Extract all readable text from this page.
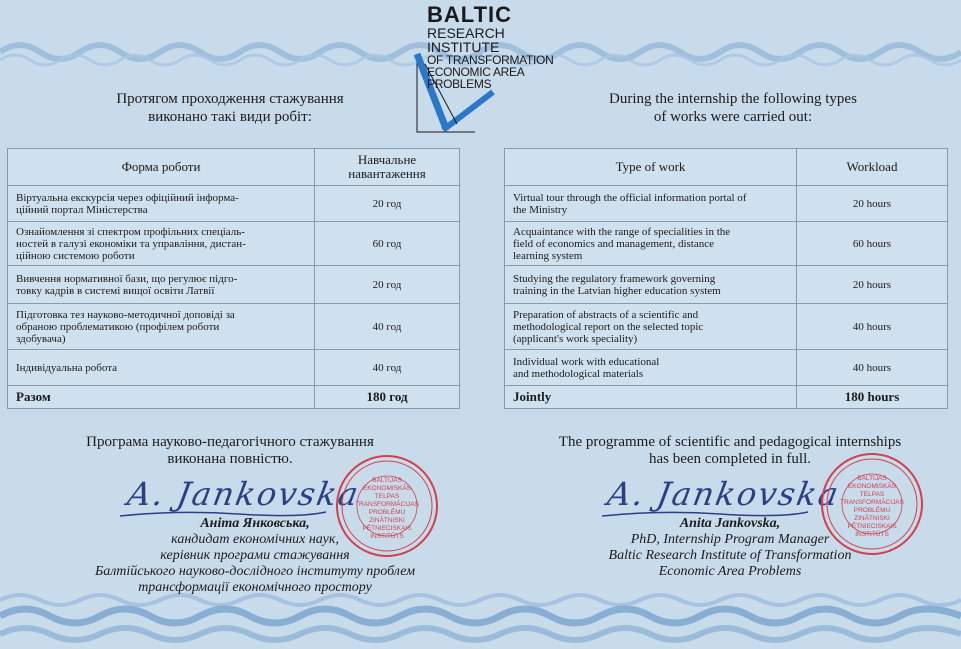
BALTIC
RESEARCH
INSTITUTE
OF TRANSFORMATION
ECONOMIC AREA
PROBLEMS
Протягом проходження стажування
виконано такі види робіт:
Форма роботи	Навчальне
навантаження

Віртуальна екскурсія через офіційний інформа-
ційний портал Міністерства	20 год

Ознайомлення зі спектром профільних спеціаль-
ностей в галузі економіки та управління, дистан-
ційною системою роботи	60 год

Вивчення нормативної бази, що регулює підго-
товку кадрів в системі вищої освіти Латвії	20 год

Підготовка тез науково-методичної доповіді за
обраною проблематикою (профілем роботи
здобувача)	40 год

Індивідуальна робота	40 год
Разом	180 год
Програма науково-педагогічного стажування
виконана повністю.
A. Jankovska
Аніта Янковська,
кандидат економічних наук,
керівник програми стажування
Балтійського науково-дослідного інституту проблем
трансформації економічного простору
BALTIJAS
EKONOMISKĀS
TELPAS
TRANSFORMĀCIJAS
PROBLĒMU
ZINĀTNISKI
PĒTNIECISKAIS
INSTITŪTS
During the internship the following types
of works were carried out:
Type of work	Workload

Virtual tour through the official information portal of
the Ministry	20 hours

Acquaintance with the range of specialities in the
field of economics and management, distance
learning system	60 hours

Studying the regulatory framework governing
training in the Latvian higher education system	20 hours

Preparation of abstracts of a scientific and
methodological report on the selected topic
(applicant's work speciality)	40 hours

Individual work with educational
and methodological materials	40 hours
Jointly	180 hours
The programme of scientific and pedagogical internships
has been completed in full.
A. Jankovska
Anita Jankovska,
PhD, Internship Program Manager
Baltic Research Institute of Transformation
Economic Area Problems
BALTIJAS
EKONOMISKĀS
TELPAS
TRANSFORMĀCIJAS
PROBLĒMU
ZINĀTNISKI
PĒTNIECISKAIS
INSTITŪTS
